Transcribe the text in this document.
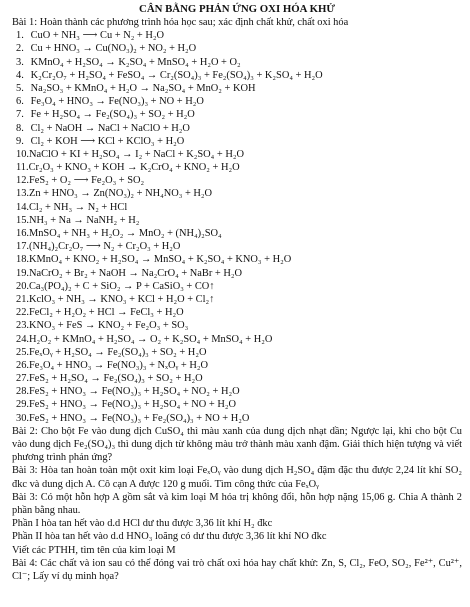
CÂN BẰNG PHẢN ỨNG OXI HÓA KHỬ
Bài 1: Hoàn thành các phương trình hóa học sau; xác định chất khử, chất oxi hóa
1. CuO + NH₃ ⟶ Cu + N₂ + H₂O
2. Cu + HNO₃ → Cu(NO₃)₂ + NO₂ + H₂O
3. KMnO₄ + H₂SO₄ → K₂SO₄ + MnSO₄ + H₂O + O₂
4. K₂Cr₂O₇ + H₂SO₄ + FeSO₄ → Cr₂(SO₄)₃ + Fe₂(SO₄)₃ + K₂SO₄ + H₂O
5. Na₂SO₃ + KMnO₄ + H₂O → Na₂SO₄ + MnO₂ + KOH
6. Fe₃O₄ + HNO₃ → Fe(NO₃)₃ + NO + H₂O
7. Fe + H₂SO₄ → Fe₂(SO₄)₃ + SO₂ + H₂O
8. Cl₂ + NaOH → NaCl + NaClO + H₂O
9. Cl₂ + KOH ⟶ KCl + KClO₃ + H₂O
10.NaClO + KI + H₂SO₄ → I₂ + NaCl + K₂SO₄ + H₂O
11.Cr₂O₃ + KNO₃ + KOH → K₂CrO₄ + KNO₂ + H₂O
12.FeS₂ + O₂ ⟶ Fe₂O₃ + SO₂
13.Zn + HNO₃ → Zn(NO₃)₂ + NH₄NO₃ + H₂O
14.Cl₂ + NH₃ → N₂ + HCl
15.NH₃ + Na → NaNH₂ + H₂
16.MnSO₄ + NH₃ + H₂O₂ → MnO₂ + (NH₄)₂SO₄
17.(NH₄)₂Cr₂O₇ ⟶ N₂ + Cr₂O₃ + H₂O
18.KMnO₄ + KNO₂ + H₂SO₄ → MnSO₄ + K₂SO₄ + KNO₃ + H₂O
19.NaCrO₂ + Br₂ + NaOH → Na₂CrO₄ + NaBr + H₂O
20.Ca₃(PO₄)₂ + C + SiO₂ → P + CaSiO₃ + CO↑
21.KclO₃ + NH₃ → KNO₃ + KCl + H₂O + Cl₂↑
22.FeCl₂ + H₂O₂ + HCl → FeCl₃ + H₂O
23.KNO₃ + FeS → KNO₂ + Fe₂O₃ + SO₃
24.H₂O₂ + KMnO₄ + H₂SO₄ → O₂ + K₂SO₄ + MnSO₄ + H₂O
25.FeₓOᵧ + H₂SO₄ → Fe₂(SO₄)₃ + SO₂ + H₂O
26.Fe₃O₄ + HNO₃ → Fe(NO₃)₃ + NₓOᵧ + H₂O
27.FeS₂ + H₂SO₄ → Fe₂(SO₄)₃ + SO₂ + H₂O
28.FeS₂ + HNO₃ → Fe(NO₃)₃ + H₂SO₄ + NO₂ + H₂O
29.FeS₂ + HNO₃ → Fe(NO₃)₃ + H₂SO₄ + NO + H₂O
30.FeS₂ + HNO₃ → Fe(NO₃)₃ + Fe₂(SO₄)₃ + NO + H₂O

Bài 2: Cho bột Fe vào dung dịch CuSO₄ thì màu xanh của dung dịch nhạt dần; Ngược lại, khi cho bột Cu vào dung dịch Fe₂(SO₄)₃ thì dung dịch từ không màu trở thành màu xanh đậm. Giải thích hiện tượng và viết phương trình phản ứng?

Bài 3: Hòa tan hoàn toàn một oxit kim loại FeₓOᵧ vào dung dịch H₂SO₄ đậm đặc thu được 2,24 lít khí SO₂ đkc và dung dịch A. Cô cạn A được 120 g muối. Tìm công thức của FeₓOᵧ

Bài 3: Có một hỗn hợp A gồm sắt và kim loại M hóa trị không đổi, hỗn hợp nặng 15,06 g. Chia A thành 2 phần bằng nhau.

Phần I hòa tan hết vào d.d HCl dư thu được 3,36 lít khí H₂ đkc

Phần II hòa tan hết vào d.d HNO₃ loãng có dư thu được 3,36 lít khí NO đkc

Viết các PTHH, tìm tên của kim loại M

Bài 4: Các chất và ion sau có thể đóng vai trò chất oxi hóa hay chất khử: Zn, S, Cl₂, FeO, SO₂, Fe²⁺, Cu²⁺, Cl⁻; Lấy ví dụ minh họa?
